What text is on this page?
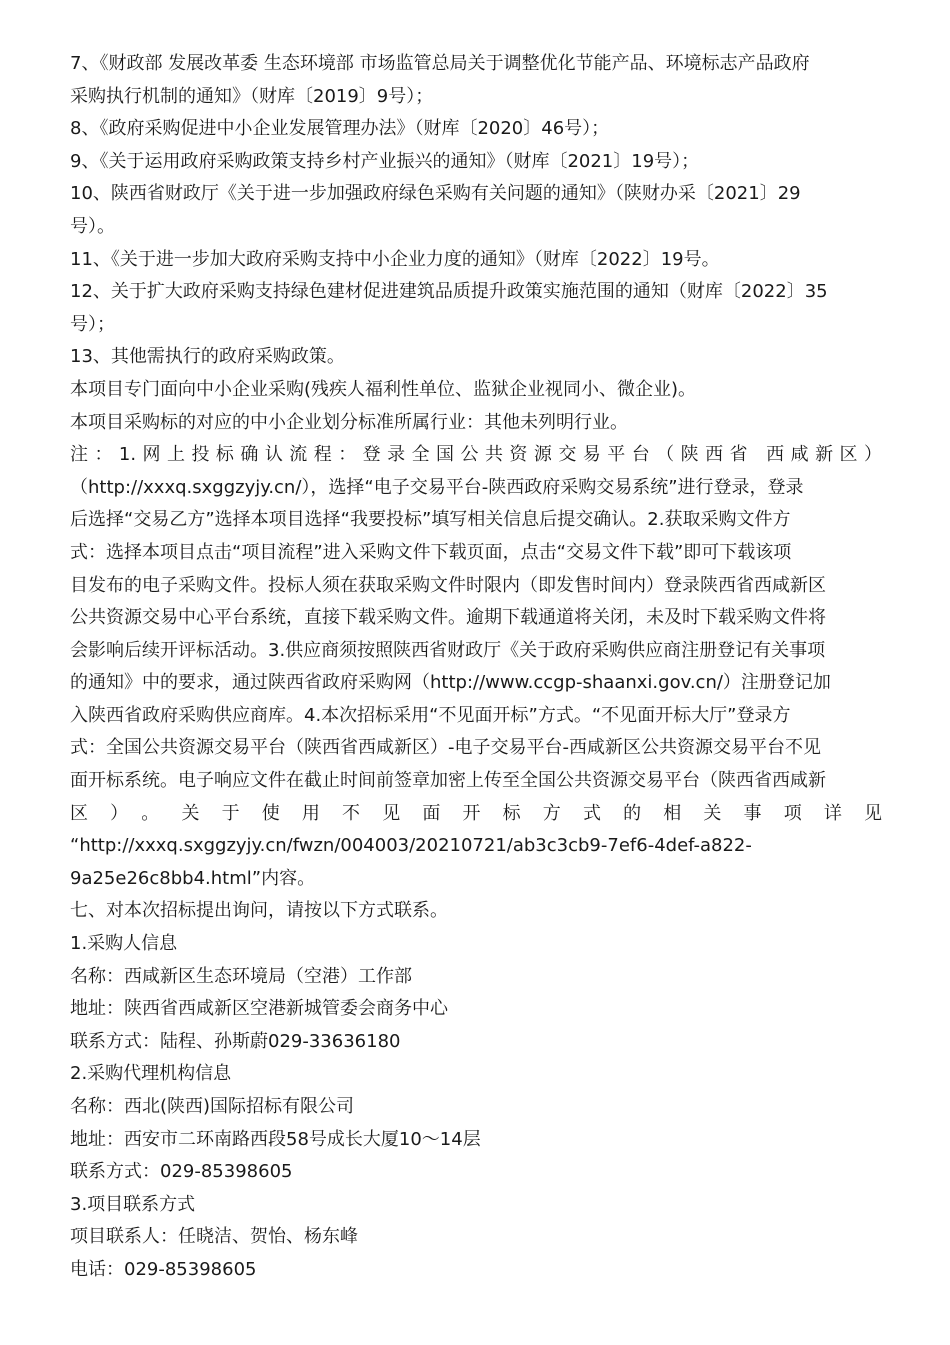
7、《财政部 发展改革委 生态环境部 市场监管总局关于调整优化节能产品、环境标志产品政府
采购执行机制的通知》（财库〔2019〕9号）；
8、《政府采购促进中小企业发展管理办法》（财库〔2020〕46号）；
9、《关于运用政府采购政策支持乡村产业振兴的通知》（财库〔2021〕19号）；
10、陕西省财政厅《关于进一步加强政府绿色采购有关问题的通知》（陕财办采〔2021〕29
号）。
11、《关于进一步加大政府采购支持中小企业力度的通知》（财库〔2022〕19号。
12、关于扩大政府采购支持绿色建材促进建筑品质提升政策实施范围的通知（财库〔2022〕35
号）；
13、其他需执行的政府采购政策。
本项目专门面向中小企业采购(残疾人福利性单位、监狱企业视同小、微企业)。
本项目采购标的对应的中小企业划分标准所属行业：其他未列明行业。
注：1.网上投标确认流程：登录全国公共资源交易平台（陕西省 西咸新区）
（http://xxxq.sxggzyjy.cn/），选择“电子交易平台-陕西政府采购交易系统”进行登录，登录
后选择“交易乙方”选择本项目选择“我要投标”填写相关信息后提交确认。2.获取采购文件方
式：选择本项目点击“项目流程”进入采购文件下载页面，点击“交易文件下载”即可下载该项
目发布的电子采购文件。投标人须在获取采购文件时限内（即发售时间内）登录陕西省西咸新区
公共资源交易中心平台系统，直接下载采购文件。逾期下载通道将关闭，未及时下载采购文件将
会影响后续开评标活动。3.供应商须按照陕西省财政厅《关于政府采购供应商注册登记有关事项
的通知》中的要求，通过陕西省政府采购网（http://www.ccgp-shaanxi.gov.cn/）注册登记加
入陕西省政府采购供应商库。4.本次招标采用“不见面开标”方式。“不见面开标大厅”登录方
式：全国公共资源交易平台（陕西省西咸新区）-电子交易平台-西咸新区公共资源交易平台不见
面开标系统。电子响应文件在截止时间前签章加密上传至全国公共资源交易平台（陕西省西咸新
区）。关于使用不见面开标方式的相关事项详见
“http://xxxq.sxggzyjy.cn/fwzn/004003/20210721/ab3c3cb9-7ef6-4def-a822-
9a25e26c8bb4.html”内容。
七、对本次招标提出询问，请按以下方式联系。
1.采购人信息
名称：西咸新区生态环境局（空港）工作部
地址：陕西省西咸新区空港新城管委会商务中心
联系方式：陆程、孙斯蔚029-33636180
2.采购代理机构信息
名称：西北(陕西)国际招标有限公司
地址：西安市二环南路西段58号成长大厦10～14层
联系方式：029-85398605
3.项目联系方式
项目联系人：任晓洁、贺怡、杨东峰
电话：029-85398605
